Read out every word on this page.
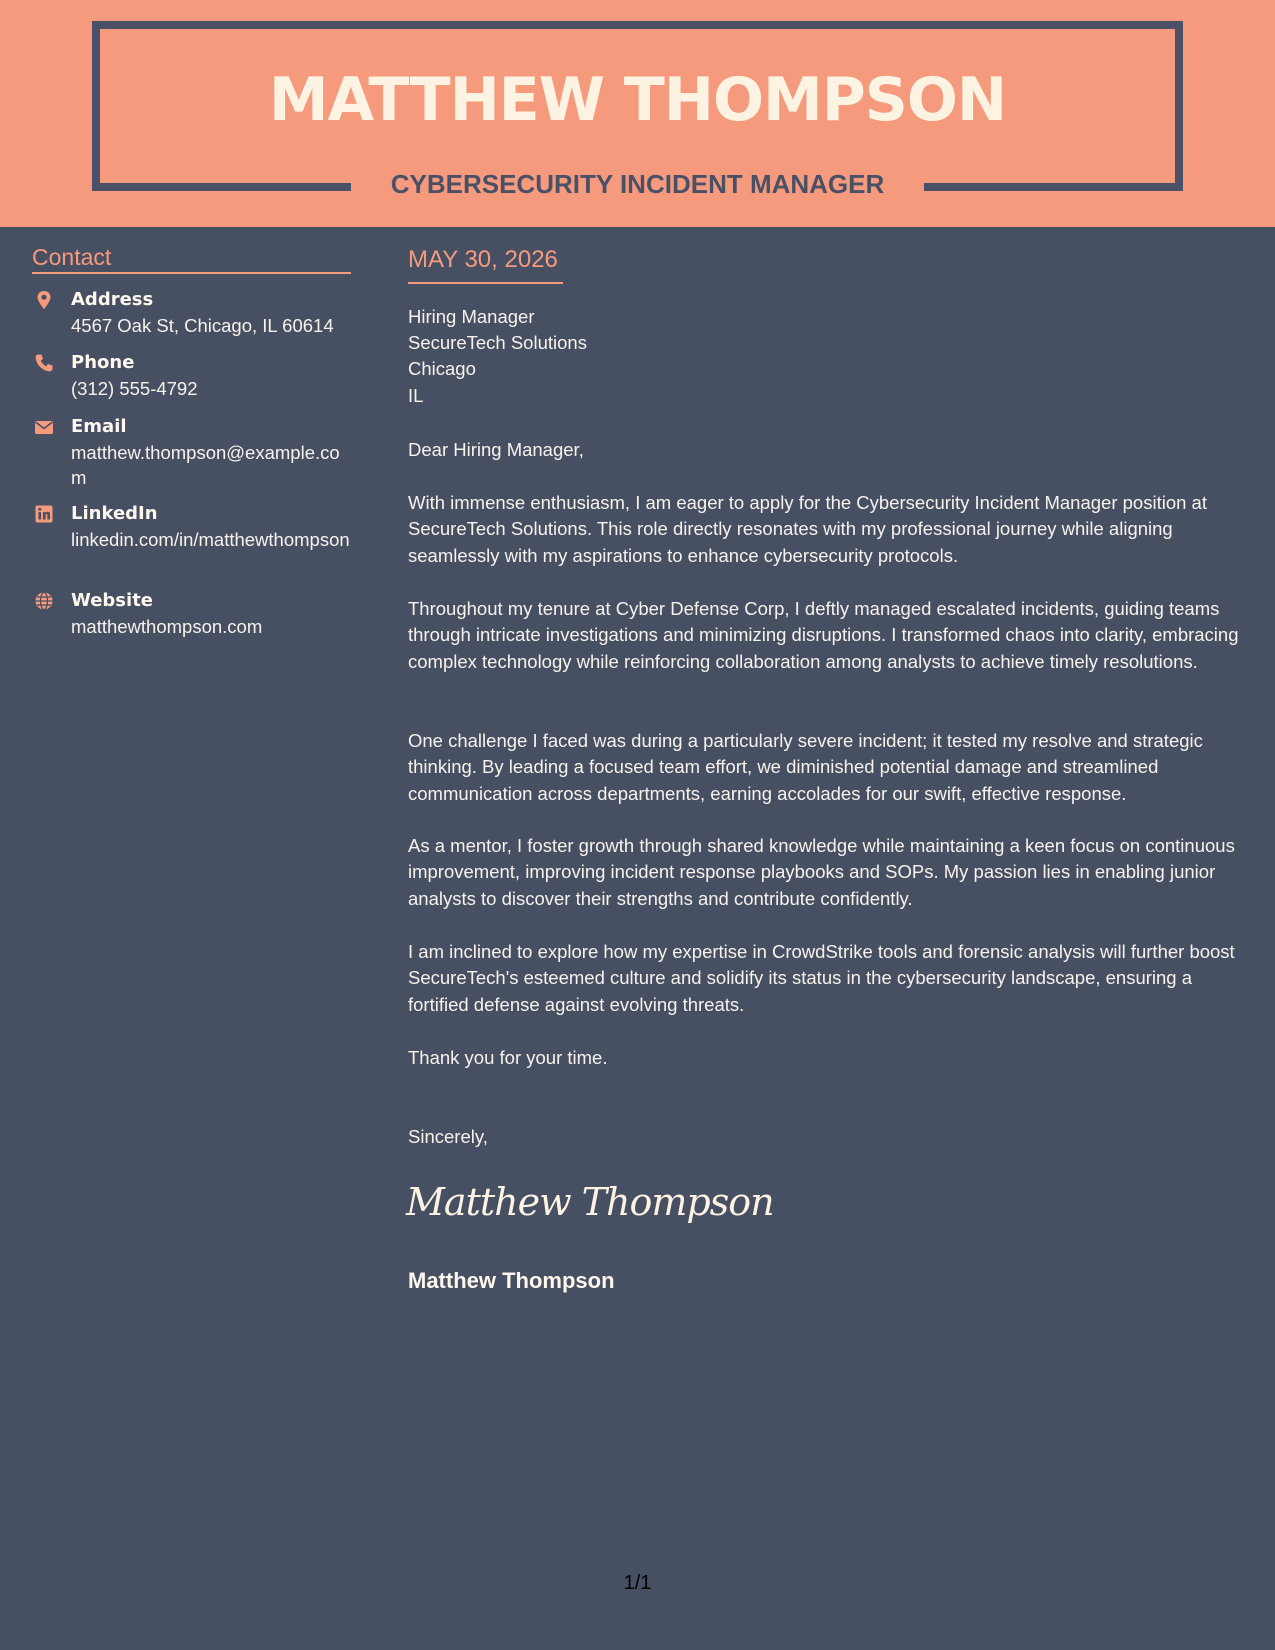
MATTHEW THOMPSON
CYBERSECURITY INCIDENT MANAGER
Contact
Address
4567 Oak St, Chicago, IL 60614
Phone
(312) 555-4792
Email
matthew.thompson@example.com
LinkedIn
linkedin.com/in/matthewthompson
Website
matthewthompson.com
MAY 30, 2026
Hiring Manager
SecureTech Solutions
Chicago
IL

Dear Hiring Manager,

With immense enthusiasm, I am eager to apply for the Cybersecurity Incident Manager position at SecureTech Solutions. This role directly resonates with my professional journey while aligning seamlessly with my aspirations to enhance cybersecurity protocols.

Throughout my tenure at Cyber Defense Corp, I deftly managed escalated incidents, guiding teams through intricate investigations and minimizing disruptions. I transformed chaos into clarity, embracing complex technology while reinforcing collaboration among analysts to achieve timely resolutions.

One challenge I faced was during a particularly severe incident; it tested my resolve and strategic thinking. By leading a focused team effort, we diminished potential damage and streamlined communication across departments, earning accolades for our swift, effective response.

As a mentor, I foster growth through shared knowledge while maintaining a keen focus on continuous improvement, improving incident response playbooks and SOPs. My passion lies in enabling junior analysts to discover their strengths and contribute confidently.

I am inclined to explore how my expertise in CrowdStrike tools and forensic analysis will further boost SecureTech's esteemed culture and solidify its status in the cybersecurity landscape, ensuring a fortified defense against evolving threats.

Thank you for your time.

Sincerely,

Matthew Thompson
Matthew Thompson
1/1
